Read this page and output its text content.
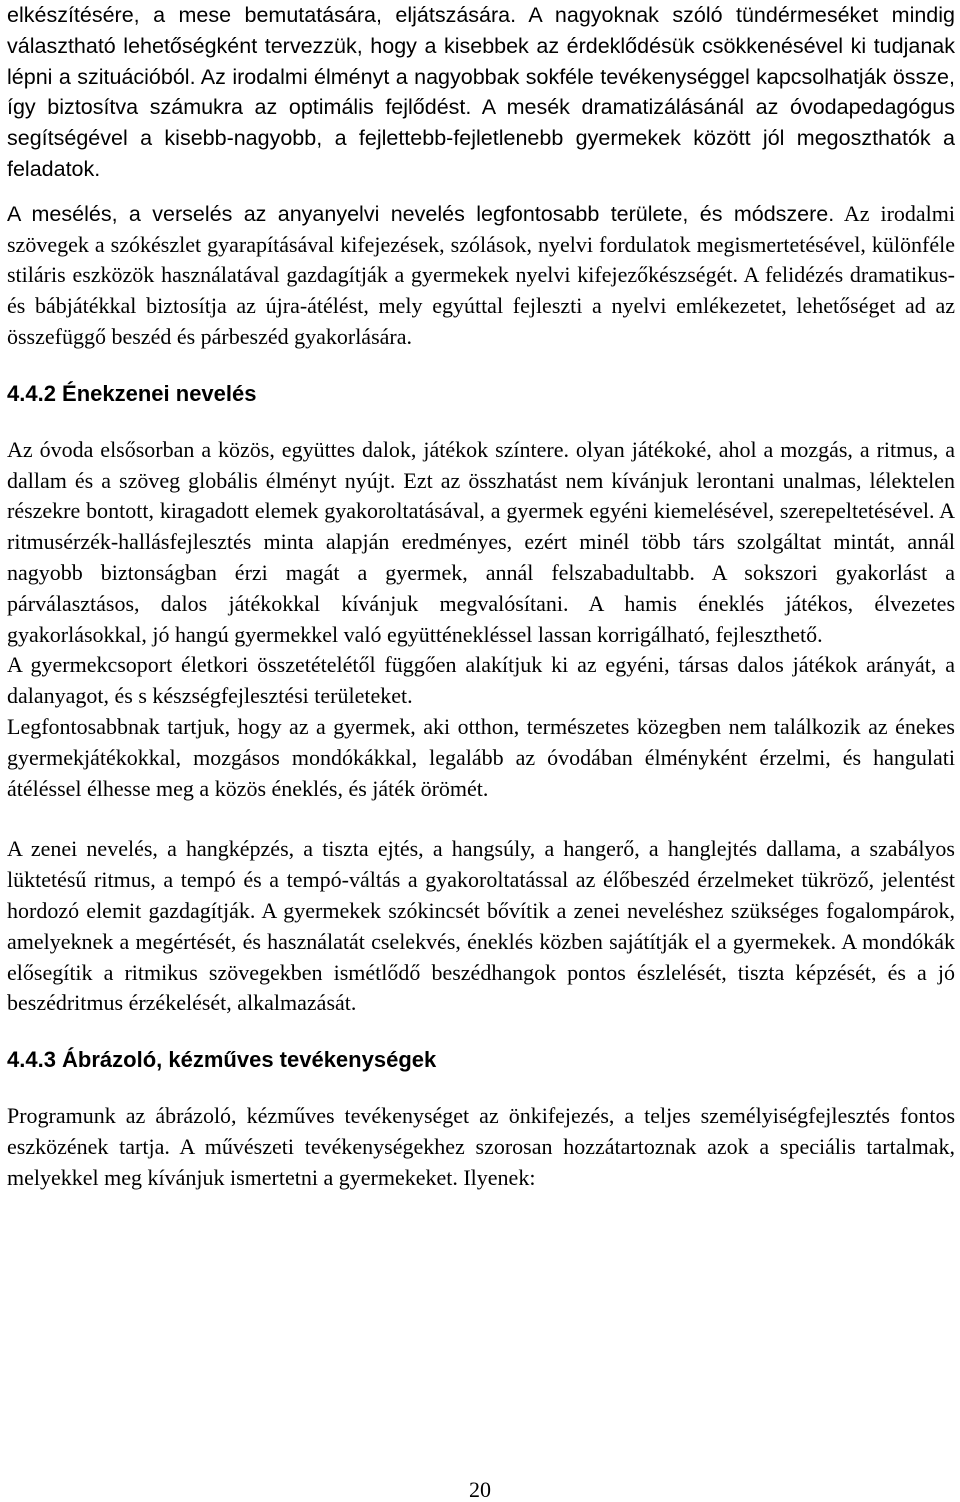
elkészítésére, a mese bemutatására, eljátszására. A nagyoknak szóló tündérmeséket mindig választható lehetőségként tervezzük, hogy a kisebbek az érdeklődésük csökkenésével ki tudjanak lépni a szituációból. Az irodalmi élményt a nagyobbak sokféle tevékenységgel kapcsolhatják össze, így biztosítva számukra az optimális fejlődést. A mesék dramatizálásánál az óvodapedagógus segítségével a kisebb-nagyobb, a fejlettebb-fejletlenebb gyermekek között jól megoszthatók a feladatok.

A mesélés, a verselés az anyanyelvi nevelés legfontosabb területe, és módszere. Az irodalmi szövegek a szókészlet gyarapításával kifejezések, szólások, nyelvi fordulatok megismertetésével, különféle stiláris eszközök használatával gazdagítják a gyermekek nyelvi kifejezőkészségét. A felidézés dramatikus- és bábjátékkal biztosítja az újra-átélést, mely egyúttal fejleszti a nyelvi emlékezetet, lehetőséget ad az összefüggő beszéd és párbeszéd gyakorlására.

4.4.2 Énekzenei nevelés

Az óvoda elsősorban a közös, együttes dalok, játékok színtere. olyan játékoké, ahol a mozgás, a ritmus, a dallam és a szöveg globális élményt nyújt. Ezt az összhatást nem kívánjuk lerontani unalmas, lélektelen részekre bontott, kiragadott elemek gyakoroltatásával, a gyermek egyéni kiemelésével, szerepeltetésével. A ritmusérzék-hallásfejlesztés minta alapján eredményes, ezért minél több társ szolgáltat mintát, annál nagyobb biztonságban érzi magát a gyermek, annál felszabadultabb. A sokszori gyakorlást a párválasztásos, dalos játékokkal kívánjuk megvalósítani. A hamis éneklés játékos, élvezetes gyakorlásokkal, jó hangú gyermekkel való együtténekléssel lassan korrigálható, fejleszthető.

A gyermekcsoport életkori összetételétől függően alakítjuk ki az egyéni, társas dalos játékok arányát, a dalanyagot, és s készségfejlesztési területeket.

Legfontosabbnak tartjuk, hogy az a gyermek, aki otthon, természetes közegben nem találkozik az énekes gyermekjátékokkal, mozgásos mondókákkal, legalább az óvodában élményként érzelmi, és hangulati átéléssel élhesse meg a közös éneklés, és játék örömét.

A zenei nevelés, a hangképzés, a tiszta ejtés, a hangsúly, a hangerő, a hanglejtés dallama, a szabályos lüktetésű ritmus, a tempó és a tempó-váltás a gyakoroltatással az élőbeszéd érzelmeket tükröző, jelentést hordozó elemit gazdagítják. A gyermekek szókincsét bővítik a zenei neveléshez szükséges fogalompárok, amelyeknek a megértését, és használatát cselekvés, éneklés közben sajátítják el a gyermekek. A mondókák elősegítik a ritmikus szövegekben ismétlődő beszédhangok pontos észlelését, tiszta képzését, és a jó beszédritmus érzékelését, alkalmazását.

4.4.3 Ábrázoló, kézműves tevékenységek

Programunk az ábrázoló, kézműves tevékenységet az önkifejezés, a teljes személyiségfejlesztés fontos eszközének tartja. A művészeti tevékenységekhez szorosan hozzátartoznak azok a speciális tartalmak, melyekkel meg kívánjuk ismertetni a gyermekeket. Ilyenek:

20
